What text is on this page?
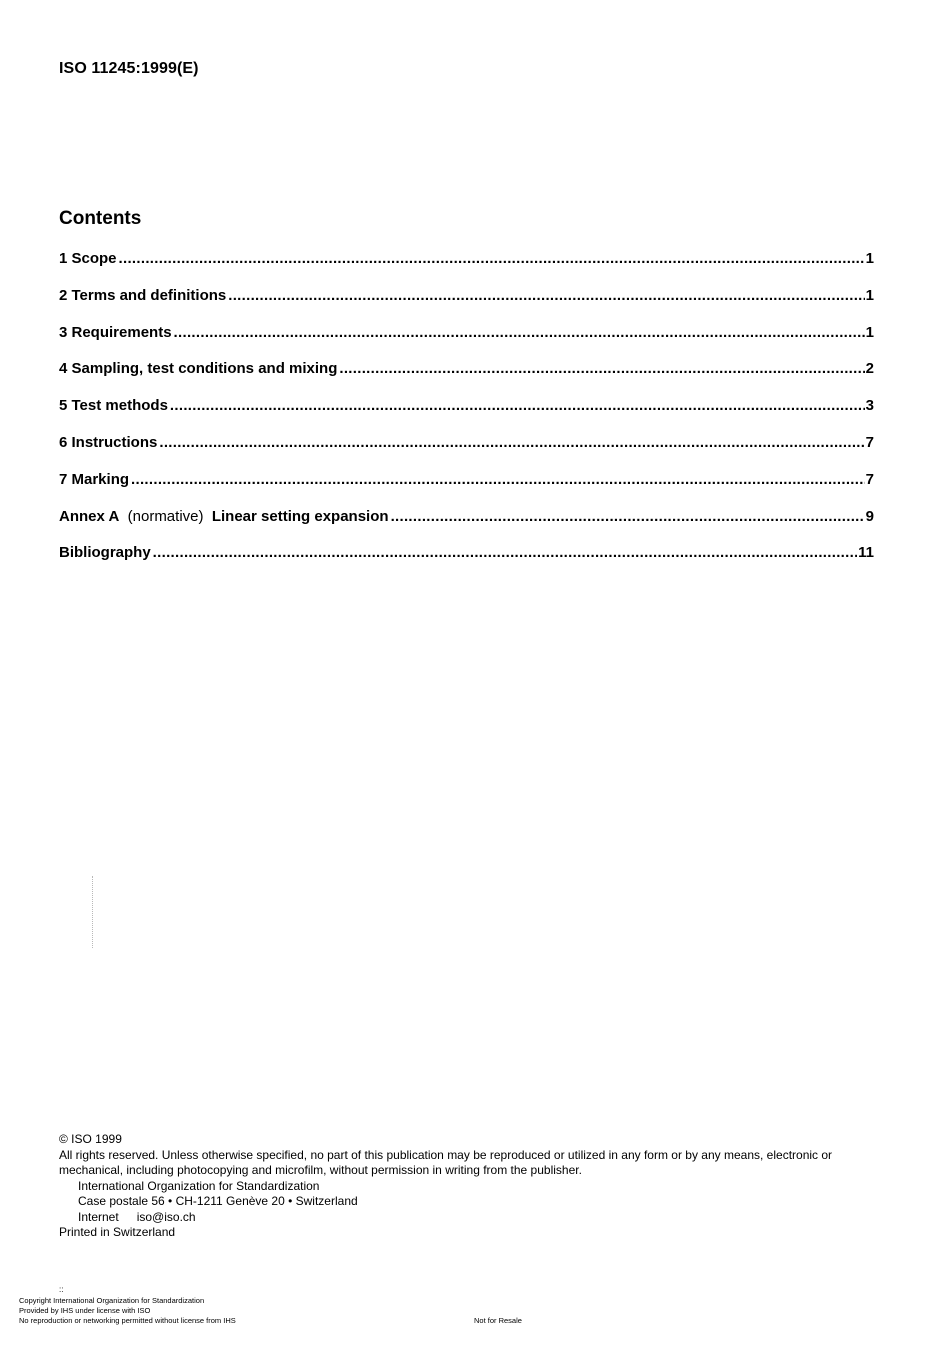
ISO 11245:1999(E)
Contents
1 Scope .....	1
2 Terms and definitions .....	1
3 Requirements .....	1
4 Sampling, test conditions and mixing .....	2
5 Test methods .....	3
6 Instructions .....	7
7 Marking .....	7
Annex A (normative) Linear setting expansion .....	9
Bibliography .....	11

© ISO 1999

All rights reserved. Unless otherwise specified, no part of this publication may be reproduced or utilized in any form or by any means, electronic or mechanical, including photocopying and microfilm, without permission in writing from the publisher.

International Organization for Standardization

Case postale 56 • CH-1211 Genève 20 • Switzerland

Internet iso@iso.ch

Printed in Switzerland

::

Copyright International Organization for Standardization

Provided by IHS under license with ISO

No reproduction or networking permitted without license from IHS	Not for Resale
